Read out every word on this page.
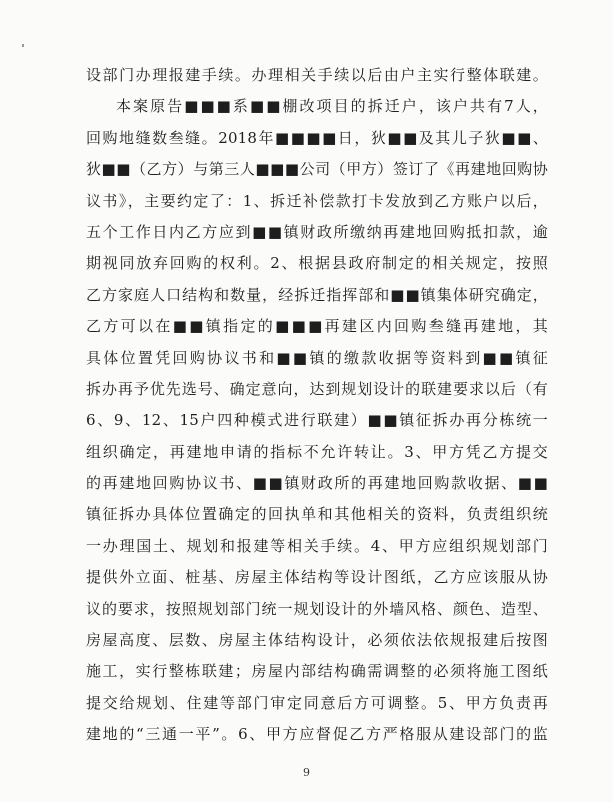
设部门办理报建手续。办理相关手续以后由户主实行整体联建。
本案原告■■■系■■棚改项目的拆迁户，该户共有7人，
回购地缝数叁缝。2018年■■■■日，狄■■及其儿子狄■■、
狄■■（乙方）与第三人■■■公司（甲方）签订了《再建地回购协
议书》，主要约定了：1、拆迁补偿款打卡发放到乙方账户以后，
五个工作日内乙方应到■■镇财政所缴纳再建地回购抵扣款，逾
期视同放弃回购的权利。2、根据县政府制定的相关规定，按照
乙方家庭人口结构和数量，经拆迁指挥部和■■镇集体研究确定，
乙方可以在■■镇指定的■■■再建区内回购叁缝再建地，其
具体位置凭回购协议书和■■镇的缴款收据等资料到■■镇征
拆办再予优先选号、确定意向，达到规划设计的联建要求以后（有
6、9、12、15户四种模式进行联建）■■镇征拆办再分栋统一
组织确定，再建地申请的指标不允许转让。3、甲方凭乙方提交
的再建地回购协议书、■■镇财政所的再建地回购款收据、■■
镇征拆办具体位置确定的回执单和其他相关的资料，负责组织统
一办理国土、规划和报建等相关手续。4、甲方应组织规划部门
提供外立面、桩基、房屋主体结构等设计图纸，乙方应该服从协
议的要求，按照规划部门统一规划设计的外墙风格、颜色、造型、
房屋高度、层数、房屋主体结构设计，必须依法依规报建后按图
施工，实行整栋联建；房屋内部结构确需调整的必须将施工图纸
提交给规划、住建等部门审定同意后方可调整。5、甲方负责再
建地的“三通一平”。6、甲方应督促乙方严格服从建设部门的监
9
